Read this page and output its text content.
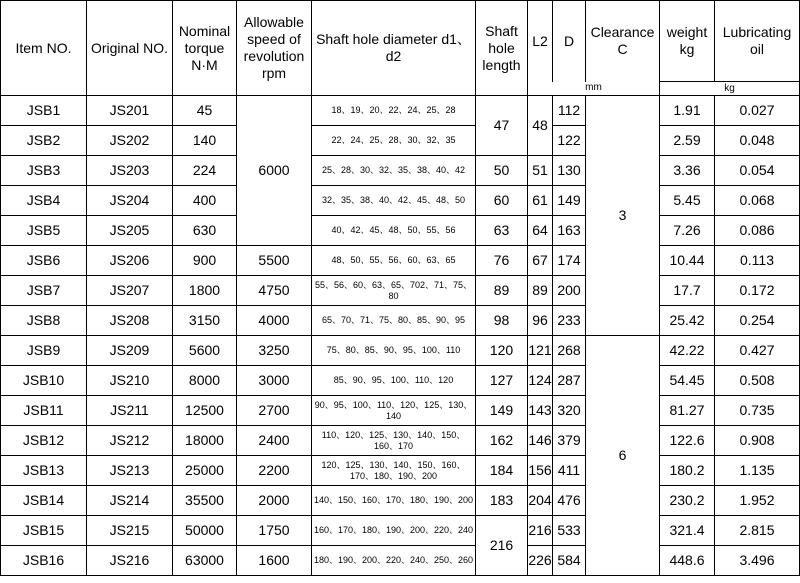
Item NO.	Original NO.	Nominal torque N·M	Allowable speed of revolution rpm	Shaft hole diameter d1、 d2	Shaft hole length	L2	D	Clearance C	weight kg	Lubricating oil
						mm			kg	
JSB1	JS201	45	6000	18、19、20、22、24、25、28	47	48	112	3	1.91	0.027
JSB2	JS202	140		22、24、25、28、30、32、35			122		2.59	0.048
JSB3	JS203	224		25、28、30、32、35、38、40、42	50	51	130		3.36	0.054
JSB4	JS204	400		32、35、38、40、42、45、48、50	60	61	149		5.45	0.068
JSB5	JS205	630		40、42、45、48、50、55、56	63	64	163		7.26	0.086
JSB6	JS206	900	5500	48、50、55、56、60、63、65	76	67	174		10.44	0.113
JSB7	JS207	1800	4750	55、56、60、63、65、702、71、75、80	89	89	200		17.7	0.172
JSB8	JS208	3150	4000	65、70、71、75、80、85、90、95	98	96	233		25.42	0.254
JSB9	JS209	5600	3250	75、80、85、90、95、100、110	120	121	268	6	42.22	0.427
JSB10	JS210	8000	3000	85、90、95、100、110、120	127	124	287		54.45	0.508
JSB11	JS211	12500	2700	90、95、100、110、120、125、130、140	149	143	320		81.27	0.735
JSB12	JS212	18000	2400	110、120、125、130、140、150、160、170	162	146	379		122.6	0.908
JSB13	JS213	25000	2200	120、125、130、140、150、160、170、180、190、200	184	156	411		180.2	1.135
JSB14	JS214	35500	2000	140、150、160、170、180、190、200	183	204	476		230.2	1.952
JSB15	JS215	50000	1750	160、170、180、190、200、220、240	216	216	533		321.4	2.815
JSB16	JS216	63000	1600	180、190、200、220、240、250、260		226	584		448.6	3.496
